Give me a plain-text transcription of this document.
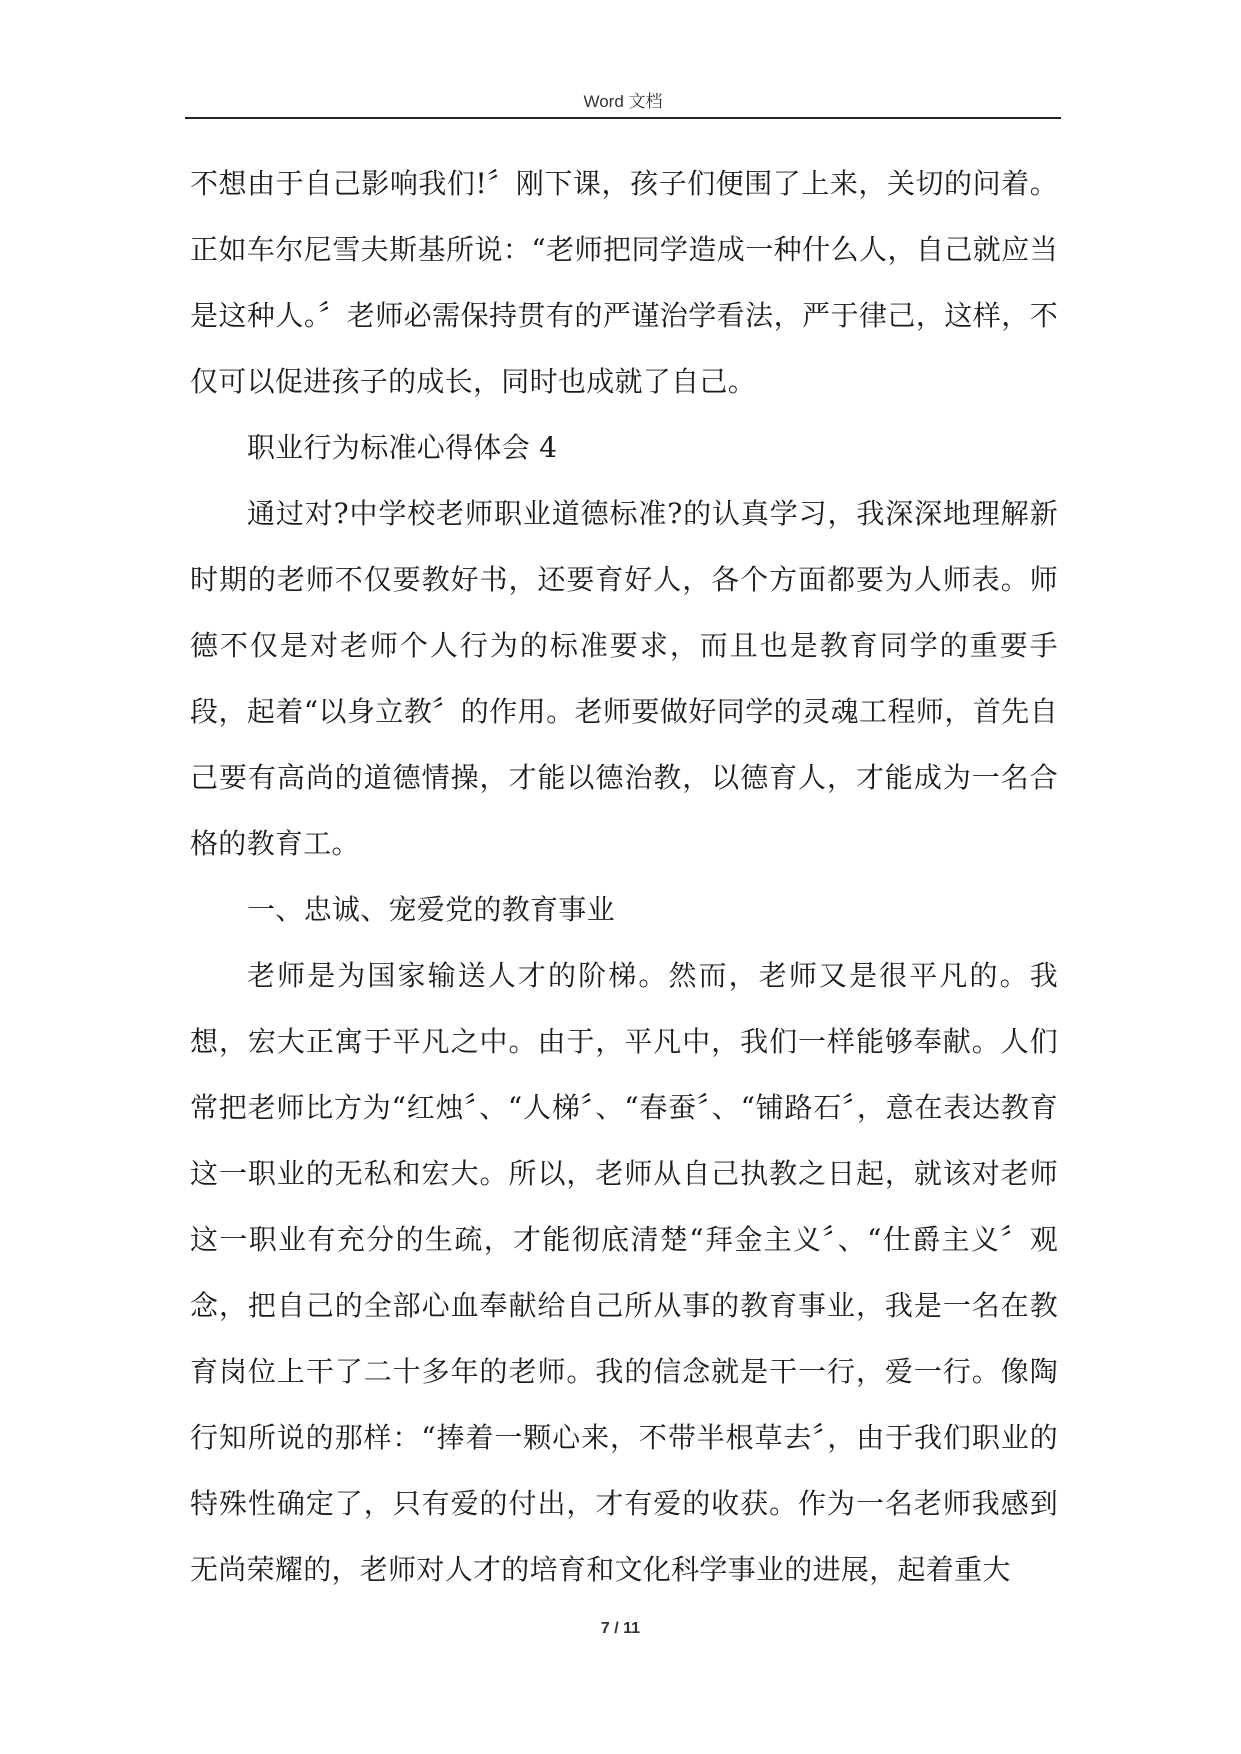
Word 文档

不想由于自己影响我们!〞刚下课，孩子们便围了上来，关切的问着。正如车尔尼雪夫斯基所说：“老师把同学造成一种什么人，自己就应当是这种人。〞老师必需保持贯有的严谨治学看法，严于律己，这样，不仅可以促进孩子的成长，同时也成就了自己。

职业行为标准心得体会 4

通过对?中学校老师职业道德标准?的认真学习，我深深地理解新时期的老师不仅要教好书，还要育好人，各个方面都要为人师表。师德不仅是对老师个人行为的标准要求，而且也是教育同学的重要手段，起着“以身立教〞的作用。老师要做好同学的灵魂工程师，首先自己要有高尚的道德情操，才能以德治教，以德育人，才能成为一名合格的教育工。

一、忠诚、宠爱党的教育事业

老师是为国家输送人才的阶梯。然而，老师又是很平凡的。我想，宏大正寓于平凡之中。由于，平凡中，我们一样能够奉献。人们常把老师比方为“红烛〞、“人梯〞、“春蚕〞、“铺路石〞，意在表达教育这一职业的无私和宏大。所以，老师从自己执教之日起，就该对老师这一职业有充分的生疏，才能彻底清楚“拜金主义〞、“仕爵主义〞观念，把自己的全部心血奉献给自己所从事的教育事业，我是一名在教育岗位上干了二十多年的老师。我的信念就是干一行，爱一行。像陶行知所说的那样：“捧着一颗心来，不带半根草去〞，由于我们职业的特殊性确定了，只有爱的付出，才有爱的收获。作为一名老师我感到无尚荣耀的，老师对人才的培育和文化科学事业的进展，起着重大

7 / 11
